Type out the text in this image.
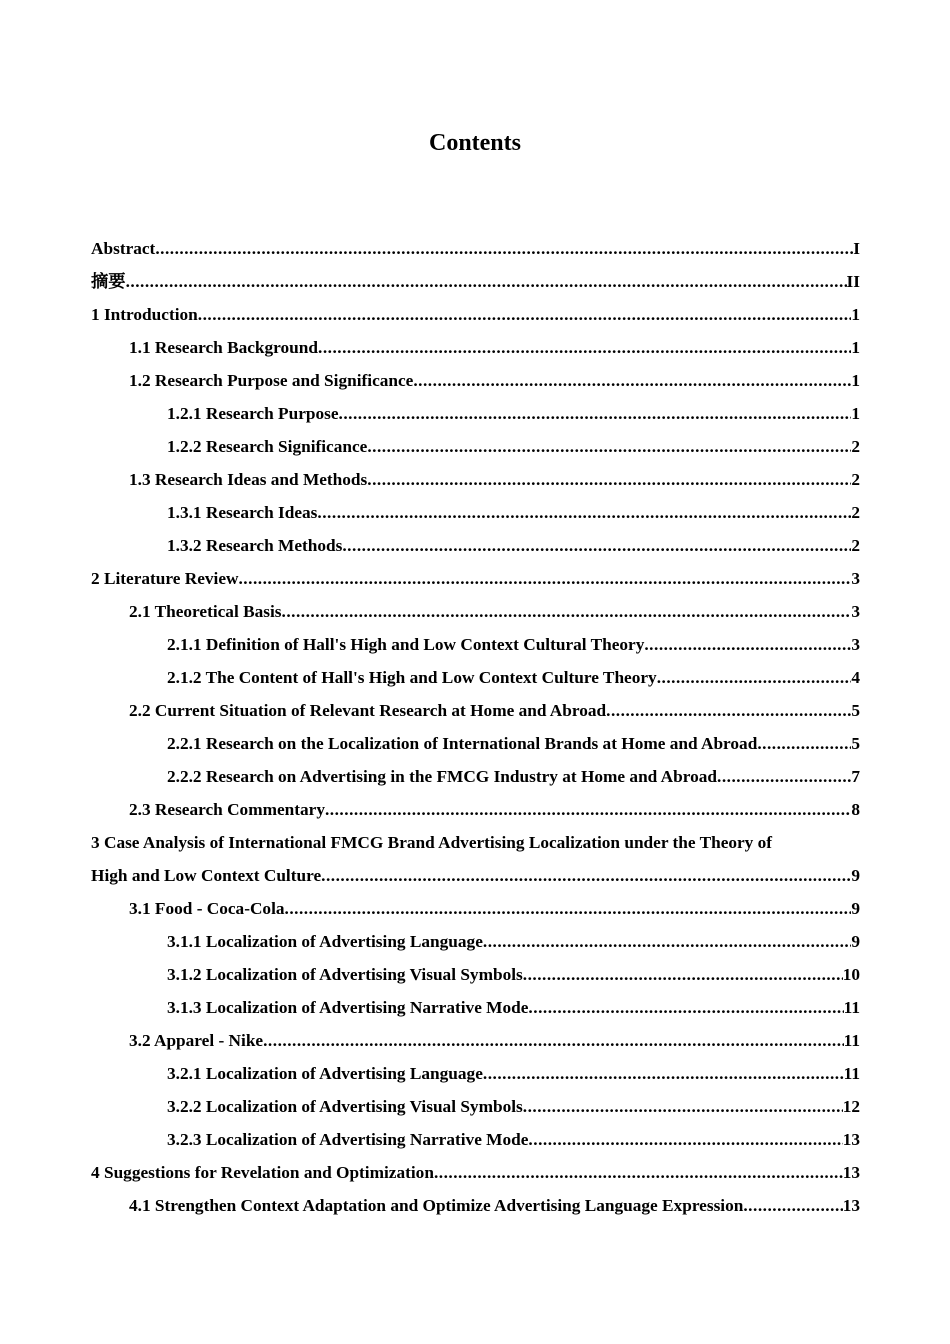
Contents
Abstract .....	I
摘要 .....	II
1 Introduction .....	1
1.1 Research Background .....	1
1.2 Research Purpose and Significance .....	1
1.2.1 Research Purpose .....	1
1.2.2 Research Significance .....	2
1.3 Research Ideas and Methods .....	2
1.3.1 Research Ideas .....	2
1.3.2 Research Methods .....	2
2 Literature Review .....	3
2.1 Theoretical Basis .....	3
2.1.1 Definition of Hall's High and Low Context Cultural Theory .....	3
2.1.2 The Content of Hall's High and Low Context Culture Theory .....	4
2.2 Current Situation of Relevant Research at Home and Abroad .....	5
2.2.1 Research on the Localization of International Brands at Home and Abroad .....	5
2.2.2 Research on Advertising in the FMCG Industry at Home and Abroad .....	7
2.3 Research Commentary .....	8
3 Case Analysis of International FMCG Brand Advertising Localization under the Theory of
High and Low Context Culture .....	9
3.1 Food - Coca-Cola .....	9
3.1.1 Localization of Advertising Language .....	9
3.1.2 Localization of Advertising Visual Symbols .....	10
3.1.3 Localization of Advertising Narrative Mode .....	11
3.2 Apparel - Nike .....	11
3.2.1 Localization of Advertising Language .....	11
3.2.2 Localization of Advertising Visual Symbols .....	12
3.2.3 Localization of Advertising Narrative Mode .....	13
4 Suggestions for Revelation and Optimization .....	13
4.1 Strengthen Context Adaptation and Optimize Advertising Language Expression .....	13
